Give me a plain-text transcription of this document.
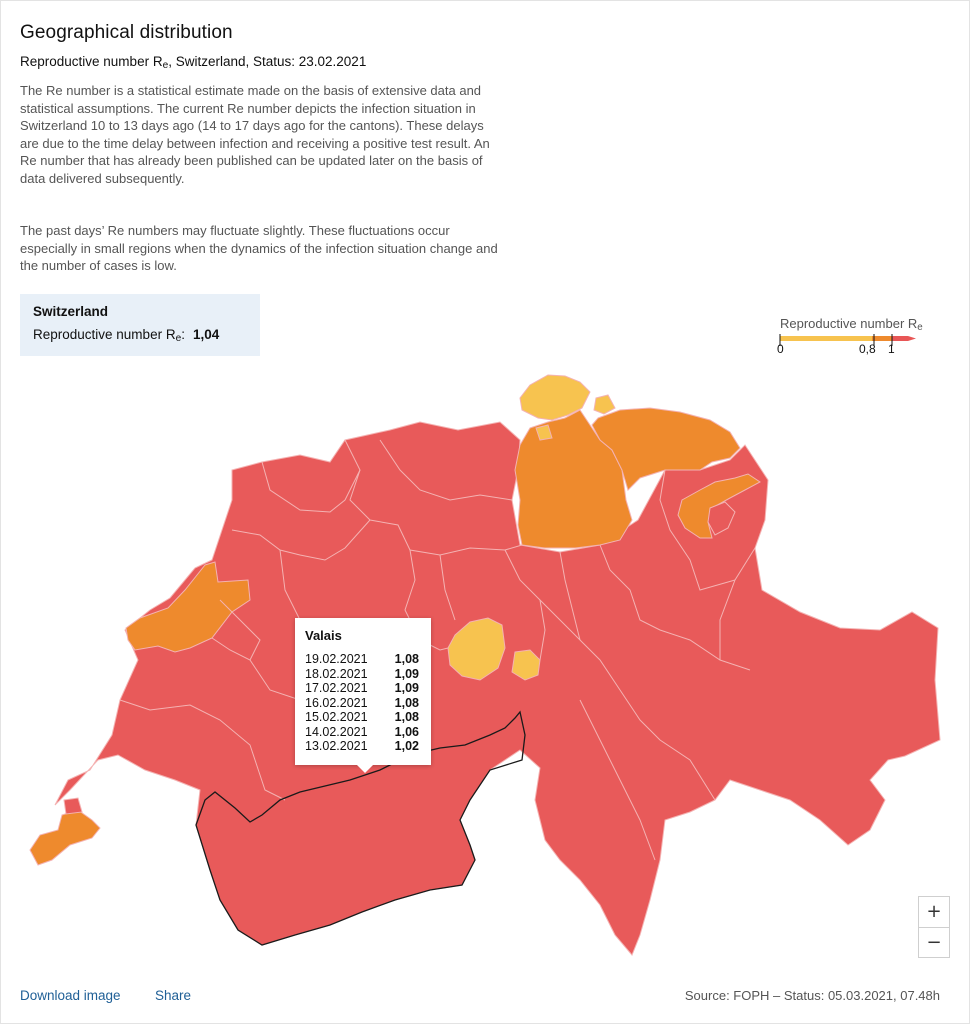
Geographical distribution
Reproductive number $R_e$, Switzerland, Status: 23.02.2021

The Re number is a statistical estimate made on the basis of extensive data and statistical assumptions. The current Re number depicts the infection situation in Switzerland 10 to 13 days ago (14 to 17 days ago for the cantons). These delays are due to the time delay between infection and receiving a positive test result. An Re number that has already been published can be updated later on the basis of data delivered subsequently.

The past days’ Re numbers may fluctuate slightly. These fluctuations occur especially in small regions when the dynamics of the infection situation change and the number of cases is low.

Switzerland
Reproductive number $R_e$: 1,04
Reproductive number $R_e$
0	0,8 1
Valais
19.02.2021 1,08
18.02.2021 1,09
17.02.2021 1,09
16.02.2021 1,08
15.02.2021 1,08
14.02.2021 1,06
13.02.2021 1,02
+
−
Download image	Share	Source: FOPH – Status: 05.03.2021, 07.48h
